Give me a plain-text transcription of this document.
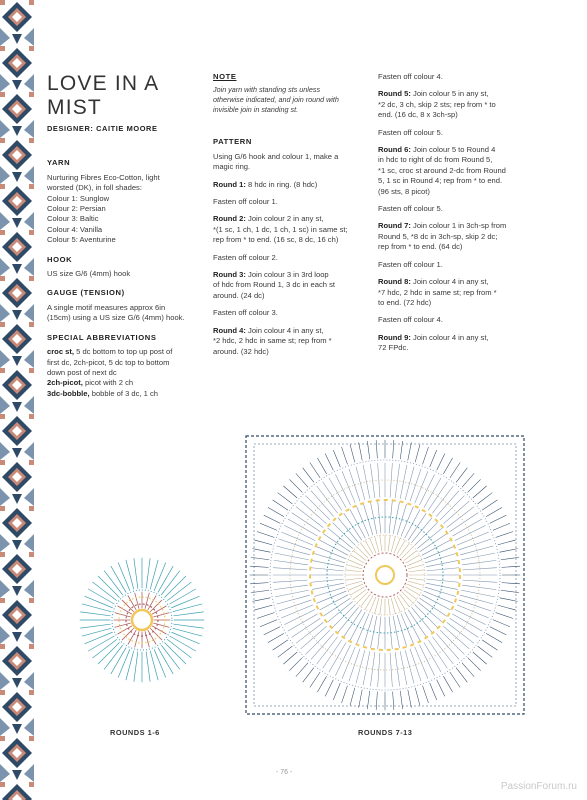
LOVE IN A MIST
DESIGNER: CAITIE MOORE
YARN

Nurturing Fibres Eco-Cotton, light
worsted (DK), in foll shades:
Colour 1: Sunglow
Colour 2: Persian
Colour 3: Baltic
Colour 4: Vanilla
Colour 5: Aventurine

HOOK

US size G/6 (4mm) hook

GAUGE (TENSION)

A single motif measures approx 6in
(15cm) using a US size G/6 (4mm) hook.

SPECIAL ABBREVIATIONS
croc st, 5 dc bottom to top up post of
first dc, 2ch-picot, 5 dc top to bottom
down post of next dc
2ch-picot, picot with 2 ch
3dc-bobble, bobble of 3 dc, 1 ch
NOTE
Join yarn with standing sts unless
otherwise indicated, and join round with
invisible join in standing st.
PATTERN

Using G/6 hook and colour 1, make a
magic ring.

Round 1: 8 hdc in ring. (8 hdc)

Fasten off colour 1.

Round 2: Join colour 2 in any st,
*(1 sc, 1 ch, 1 dc, 1 ch, 1 sc) in same st;
rep from * to end. (16 sc, 8 dc, 16 ch)

Fasten off colour 2.

Round 3: Join colour 3 in 3rd loop
of hdc from Round 1, 3 dc in each st
around. (24 dc)

Fasten off colour 3.

Round 4: Join colour 4 in any st,
*2 hdc, 2 hdc in same st; rep from *
around. (32 hdc)

Fasten off colour 4.

Round 5: Join colour 5 in any st,
*2 dc, 3 ch, skip 2 sts; rep from * to
end. (16 dc, 8 x 3ch-sp)

Fasten off colour 5.

Round 6: Join colour 5 to Round 4
in hdc to right of dc from Round 5,
*1 sc, croc st around 2-dc from Round
5, 1 sc in Round 4; rep from * to end.
(96 sts, 8 picot)

Fasten off colour 5.

Round 7: Join colour 1 in 3ch-sp from
Round 5, *8 dc in 3ch-sp, skip 2 dc;
rep from * to end. (64 dc)

Fasten off colour 1.

Round 8: Join colour 4 in any st,
*7 hdc, 2 hdc in same st; rep from *
to end. (72 hdc)

Fasten off colour 4.

Round 9: Join colour 4 in any st,
72 FPdc.

ROUNDS 1-6	ROUNDS 7-13
- 76 -
PassionForum.ru
